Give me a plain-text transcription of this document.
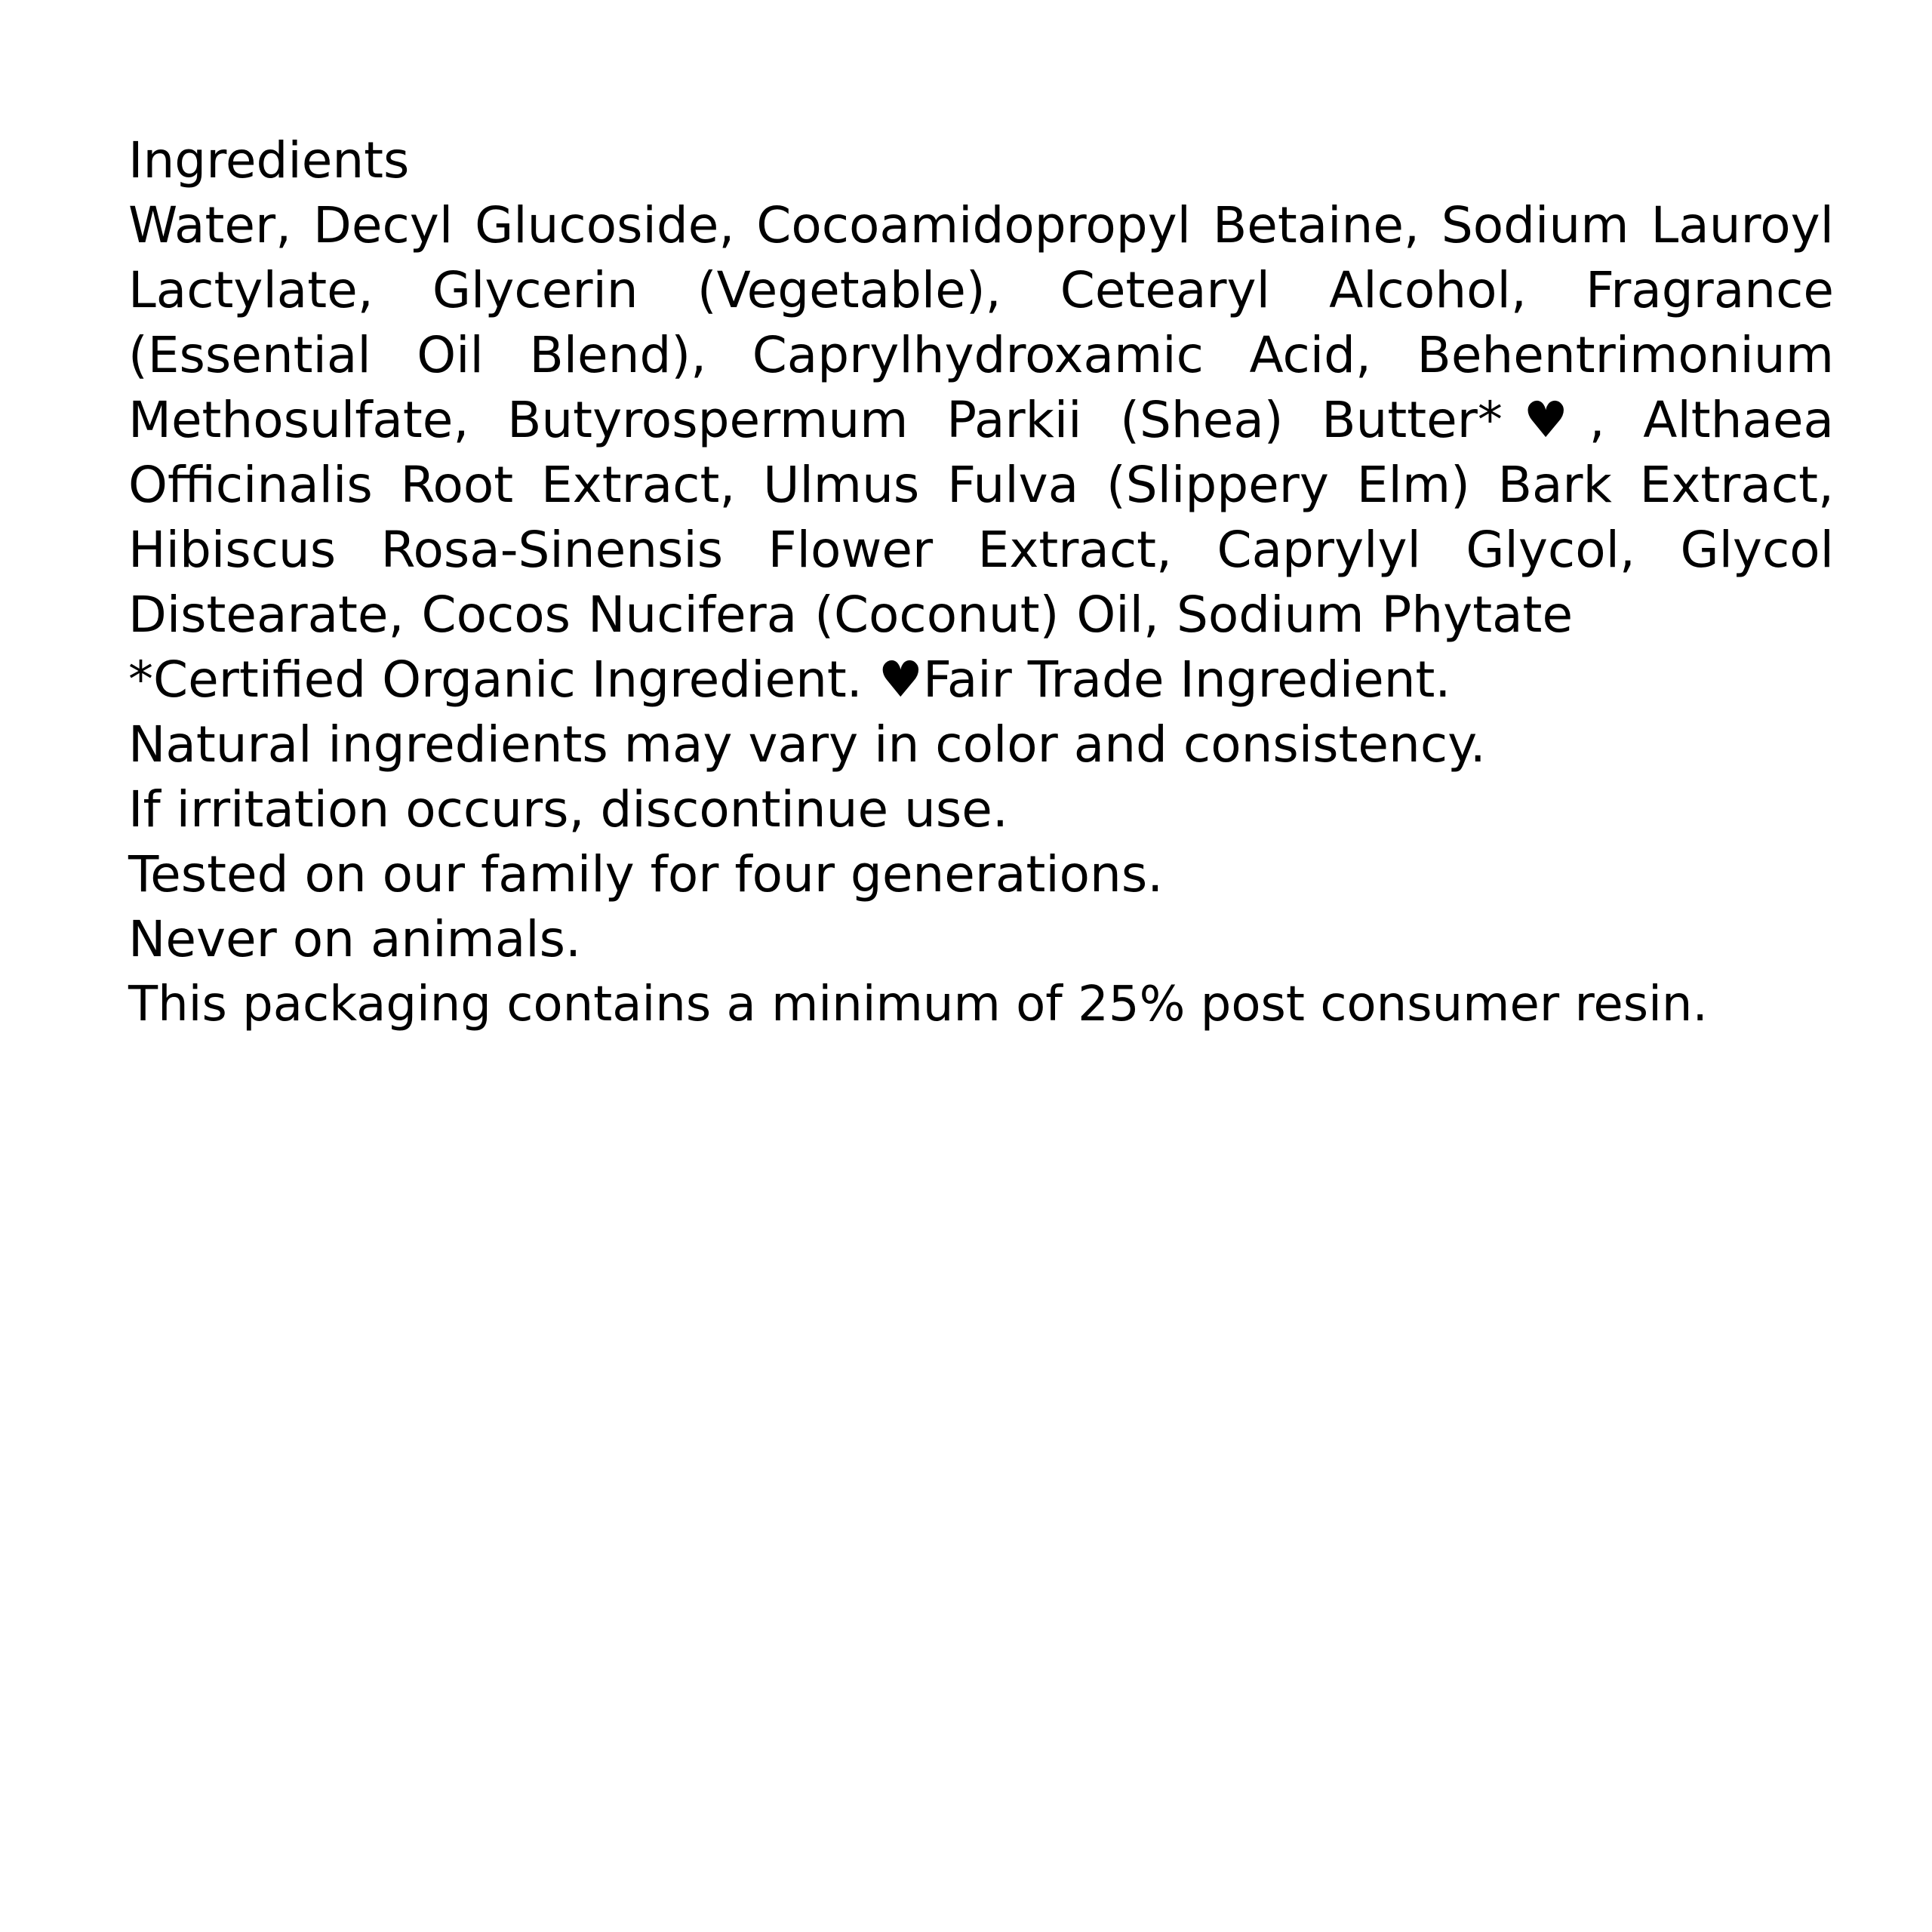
Ingredients

Water, Decyl Glucoside, Cocoamidopropyl Betaine, Sodium Lauroyl Lactylate, Glycerin (Vegetable), Cetearyl Alcohol, Fragrance (Essential Oil Blend), Caprylhydroxamic Acid, Behentrimonium Methosulfate, Butyrospermum Parkii (Shea) Butter*♥, Althaea Officinalis Root Extract, Ulmus Fulva (Slippery Elm) Bark Extract, Hibiscus Rosa-Sinensis Flower Extract, Caprylyl Glycol, Glycol Distearate, Cocos Nucifera (Coconut) Oil, Sodium Phytate

*Certified Organic Ingredient. ♥Fair Trade Ingredient.

Natural ingredients may vary in color and consistency.

If irritation occurs, discontinue use.

Tested on our family for four generations.

Never on animals.

This packaging contains a minimum of 25% post consumer resin.
